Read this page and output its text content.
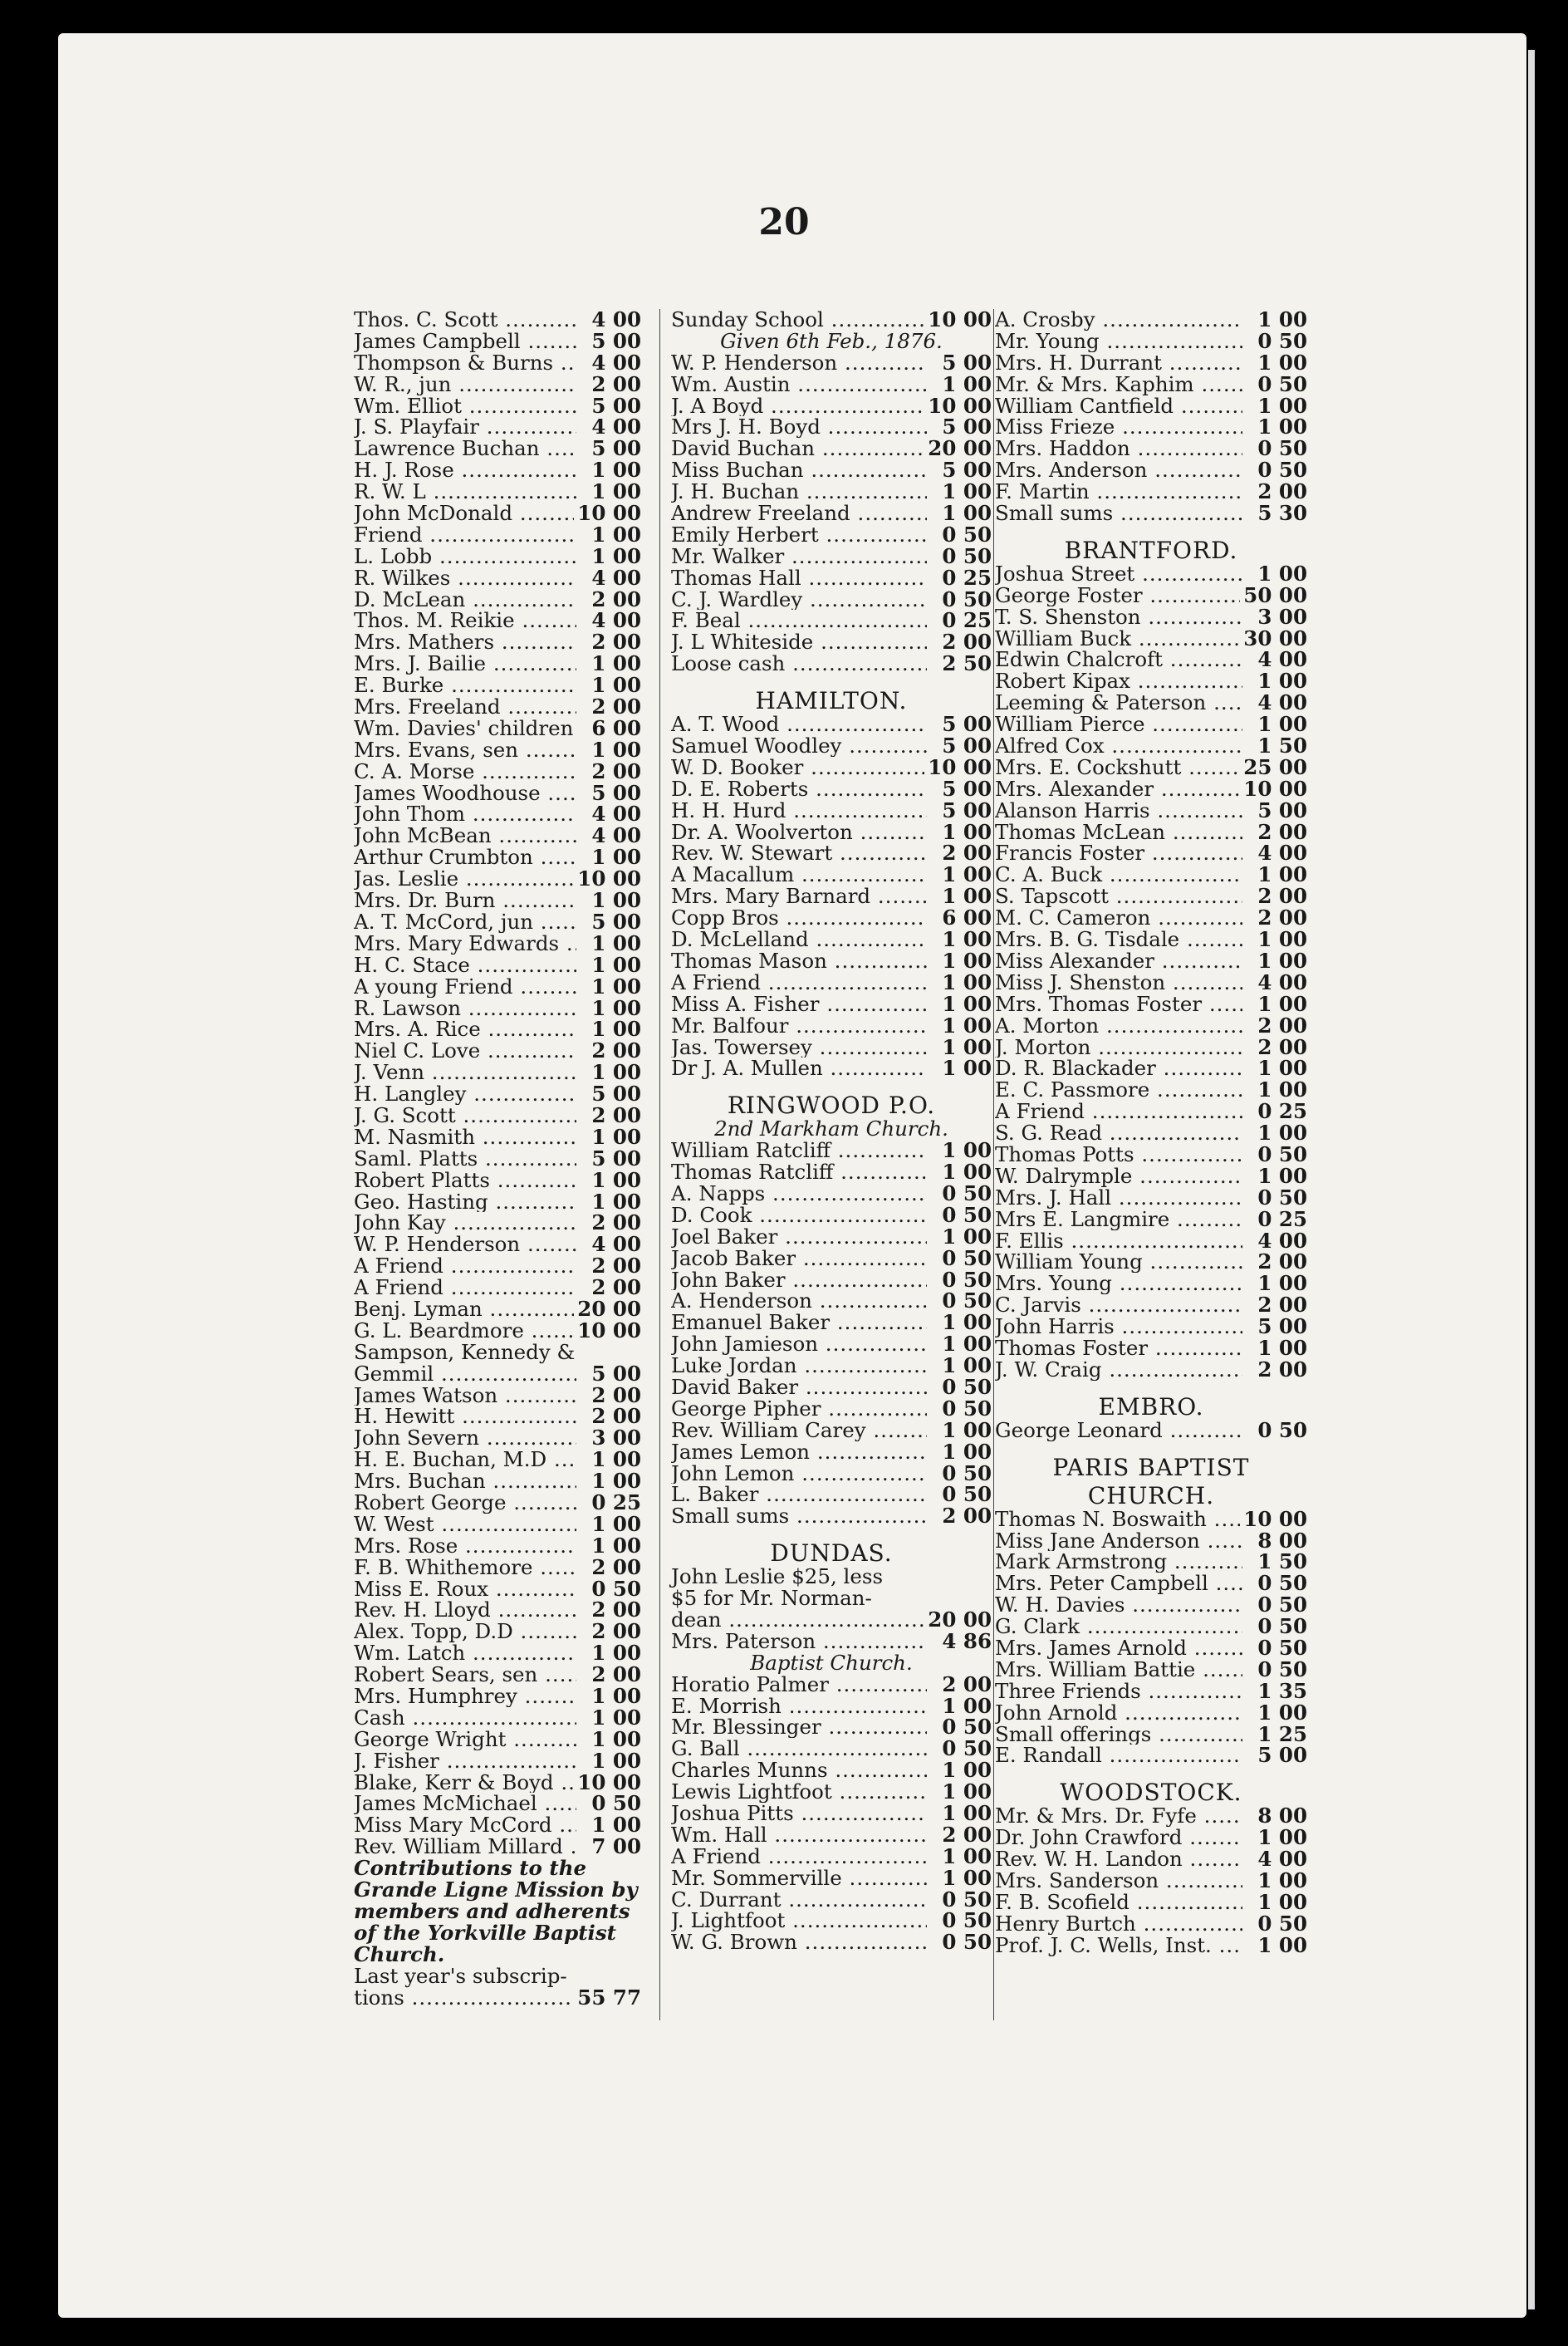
20
Thos. C. Scott .....	4 00
James Campbell .....	5 00
Thompson & Burns .....	4 00
W. R., jun .....	2 00
Wm. Elliot .....	5 00
J. S. Playfair .....	4 00
Lawrence Buchan .....	5 00
H. J. Rose .....	1 00
R. W. L .....	1 00
John McDonald .....	10 00
Friend .....	1 00
L. Lobb .....	1 00
R. Wilkes .....	4 00
D. McLean .....	2 00
Thos. M. Reikie .....	4 00
Mrs. Mathers .....	2 00
Mrs. J. Bailie .....	1 00
E. Burke .....	1 00
Mrs. Freeland .....	2 00
Wm. Davies' children ..... 6 00
Mrs. Evans, sen .....	1 00
C. A. Morse .....	2 00
James Woodhouse .....	5 00
John Thom .....	4 00
John McBean .....	4 00
Arthur Crumbton .....	1 00
Jas. Leslie .....	10 00
Mrs. Dr. Burn .....	1 00
A. T. McCord, jun .....	5 00
Mrs. Mary Edwards .....	1 00
H. C. Stace .....	1 00
A young Friend .....	1 00
R. Lawson .....	1 00
Mrs. A. Rice .....	1 00
Niel C. Love .....	2 00
J. Venn .....	1 00
H. Langley .....	5 00
J. G. Scott .....	2 00
M. Nasmith .....	1 00
Saml. Platts .....	5 00
Robert Platts .....	1 00
Geo. Hasting .....	1 00
John Kay .....	2 00
W. P. Henderson .....	4 00
A Friend .....	2 00
A Friend .....	2 00
Benj. Lyman .....	20 00
G. L. Beardmore .....	10 00
Sampson, Kennedy &
Gemmil .....	5 00
James Watson .....	2 00
H. Hewitt .....	2 00
John Severn .....	3 00
H. E. Buchan, M.D .....	1 00
Mrs. Buchan .....	1 00
Robert George .....	0 25
W. West .....	1 00
Mrs. Rose .....	1 00
F. B. Whithemore .....	2 00
Miss E. Roux .....	0 50
Rev. H. Lloyd .....	2 00
Alex. Topp, D.D .....	2 00
Wm. Latch .....	1 00
Robert Sears, sen .....	2 00
Mrs. Humphrey .....	1 00
Cash .....	1 00
George Wright .....	1 00
J. Fisher .....	1 00
Blake, Kerr & Boyd .....	10 00
James McMichael .....	0 50
Miss Mary McCord .....	1 00
Rev. William Millard .....	7 00
Contributions to the Grande Ligne Mission by members and adherents of the Yorkville Baptist Church.
Last year's subscrip-
tions .....	55 77
Sunday School .....	10 00
Given 6th Feb., 1876.
W. P. Henderson .....	5 00
Wm. Austin .....	1 00
J. A Boyd .....	10 00
Mrs J. H. Boyd .....	5 00
David Buchan .....	20 00
Miss Buchan .....	5 00
J. H. Buchan .....	1 00
Andrew Freeland .....	1 00
Emily Herbert .....	0 50
Mr. Walker .....	0 50
Thomas Hall .....	0 25
C. J. Wardley .....	0 50
F. Beal .....	0 25
J. L Whiteside .....	2 00
Loose cash .....	2 50
HAMILTON.
A. T. Wood .....	5 00
Samuel Woodley .....	5 00
W. D. Booker .....	10 00
D. E. Roberts .....	5 00
H. H. Hurd .....	5 00
Dr. A. Woolverton .....	1 00
Rev. W. Stewart .....	2 00
A Macallum .....	1 00
Mrs. Mary Barnard .....	1 00
Copp Bros .....	6 00
D. McLelland .....	1 00
Thomas Mason .....	1 00
A Friend .....	1 00
Miss A. Fisher .....	1 00
Mr. Balfour .....	1 00
Jas. Towersey .....	1 00
Dr J. A. Mullen .....	1 00
RINGWOOD P.O.
2nd Markham Church.
William Ratcliff .....	1 00
Thomas Ratcliff .....	1 00
A. Napps .....	0 50
D. Cook .....	0 50
Joel Baker .....	1 00
Jacob Baker .....	0 50
John Baker .....	0 50
A. Henderson .....	0 50
Emanuel Baker .....	1 00
John Jamieson .....	1 00
Luke Jordan .....	1 00
David Baker .....	0 50
George Pipher .....	0 50
Rev. William Carey .....	1 00
James Lemon .....	1 00
John Lemon .....	0 50
L. Baker .....	0 50
Small sums .....	2 00
DUNDAS.
John Leslie $25, less
$5 for Mr. Norman-
dean .....	20 00
Mrs. Paterson .....	4 86
Baptist Church.
Horatio Palmer .....	2 00
E. Morrish .....	1 00
Mr. Blessinger .....	0 50
G. Ball .....	0 50
Charles Munns .....	1 00
Lewis Lightfoot .....	1 00
Joshua Pitts .....	1 00
Wm. Hall .....	2 00
A Friend .....	1 00
Mr. Sommerville .....	1 00
C. Durrant .....	0 50
J. Lightfoot .....	0 50
W. G. Brown .....	0 50
A. Crosby .....	1 00
Mr. Young .....	0 50
Mrs. H. Durrant .....	1 00
Mr. & Mrs. Kaphim .....	0 50
William Cantfield .....	1 00
Miss Frieze .....	1 00
Mrs. Haddon .....	0 50
Mrs. Anderson .....	0 50
F. Martin .....	2 00
Small sums .....	5 30
BRANTFORD.
Joshua Street .....	1 00
George Foster .....	50 00
T. S. Shenston .....	3 00
William Buck .....	30 00
Edwin Chalcroft .....	4 00
Robert Kipax .....	1 00
Leeming & Paterson .....	4 00
William Pierce .....	1 00
Alfred Cox .....	1 50
Mrs. E. Cockshutt .....	25 00
Mrs. Alexander .....	10 00
Alanson Harris .....	5 00
Thomas McLean .....	2 00
Francis Foster .....	4 00
C. A. Buck .....	1 00
S. Tapscott .....	2 00
M. C. Cameron .....	2 00
Mrs. B. G. Tisdale .....	1 00
Miss Alexander .....	1 00
Miss J. Shenston .....	4 00
Mrs. Thomas Foster .....	1 00
A. Morton .....	2 00
J. Morton .....	2 00
D. R. Blackader .....	1 00
E. C. Passmore .....	1 00
A Friend .....	0 25
S. G. Read .....	1 00
Thomas Potts .....	0 50
W. Dalrymple .....	1 00
Mrs. J. Hall .....	0 50
Mrs E. Langmire .....	0 25
F. Ellis .....	4 00
William Young .....	2 00
Mrs. Young .....	1 00
C. Jarvis .....	2 00
John Harris .....	5 00
Thomas Foster .....	1 00
J. W. Craig .....	2 00
EMBRO.
George Leonard .....	0 50
PARIS BAPTIST
CHURCH.
Thomas N. Boswaith .....	10 00
Miss Jane Anderson .....	8 00
Mark Armstrong .....	1 50
Mrs. Peter Campbell .....	0 50
W. H. Davies .....	0 50
G. Clark .....	0 50
Mrs. James Arnold .....	0 50
Mrs. William Battie .....	0 50
Three Friends .....	1 35
John Arnold .....	1 00
Small offerings .....	1 25
E. Randall .....	5 00
WOODSTOCK.
Mr. & Mrs. Dr. Fyfe .....	8 00
Dr. John Crawford .....	1 00
Rev. W. H. Landon .....	4 00
Mrs. Sanderson .....	1 00
F. B. Scofield .....	1 00
Henry Burtch .....	0 50
Prof. J. C. Wells, Inst. .....	1 00
